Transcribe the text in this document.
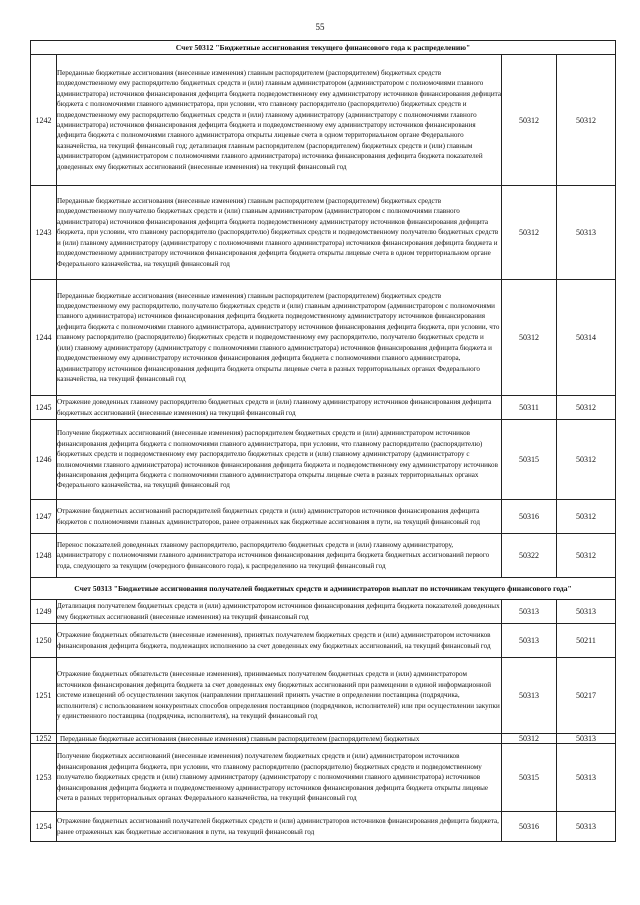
55
Счет 50312 "Бюджетные ассигнования текущего финансового года к распределению"			
1242	Переданные бюджетные ассигнования (внесенные изменения) главным распорядителем (распорядителем) бюджетных средств подведомственному ему распорядителю бюджетных средств и (или) главным администратором (администратором с полномочиями главного администратора) источников финансирования дефицита бюджета подведомственному ему администратору источников финансирования дефицита бюджета с полномочиями главного администратора, при условии, что главному распорядителю (распорядителю) бюджетных средств и подведомственному ему распорядителю бюджетных средств и (или) главному администратору (администратору с полномочиями главного администратора) источников финансирования дефицита бюджета и подведомственному ему администратору источников финансирования дефицита бюджета с полномочиями главного администратора открыты лицевые счета в одном территориальном органе Федерального казначейства, на текущий финансовый год; детализация главным распорядителем (распорядителем) бюджетных средств и (или) главным администратором (администратором с полномочиями главного администратора) источника финансирования дефицита бюджета показателей доведенных ему бюджетных ассигнований (внесенные изменения) на текущий финансовый год	50312	50312
1243	Переданные бюджетные ассигнования (внесенные изменения) главным распорядителем (распорядителем) бюджетных средств подведомственному получателю бюджетных средств и (или) главным администратором (администратором с полномочиями главного администратора) источников финансирования дефицита бюджета подведомственному администратору источников финансирования дефицита бюджета, при условии, что главному распорядителю (распорядителю) бюджетных средств и подведомственному получателю бюджетных средств и (или) главному администратору (администратору с полномочиями главного администратора) источников финансирования дефицита бюджета и подведомственному администратору источников финансирования дефицита бюджета открыты лицевые счета в одном территориальном органе Федерального казначейства, на текущий финансовый год	50312	50313
1244	Переданные бюджетные ассигнования (внесенные изменения) главным распорядителем (распорядителем) бюджетных средств подведомственному ему распорядителю, получателю бюджетных средств и (или) главным администратором (администратором с полномочиями главного администратора) источников финансирования дефицита бюджета подведомственному администратору источников финансирования дефицита бюджета с полномочиями главного администратора, администратору источников финансирования дефицита бюджета, при условии, что главному распорядителю (распорядителю) бюджетных средств и подведомственному ему распорядителю, получателю бюджетных средств и (или) главному администратору (администратору с полномочиями главного администратора) источников финансирования дефицита бюджета и подведомственному ему администратору источников финансирования дефицита бюджета с полномочиями главного администратора, администратору источников финансирования дефицита бюджета открыты лицевые счета в разных территориальных органах Федерального казначейства, на текущий финансовый год	50312	50314
1245	Отражение доведенных главному распорядителю бюджетных средств и (или) главному администратору источников финансирования дефицита бюджетных ассигнований (внесенные изменения) на текущий финансовый год	50311	50312
1246	Получение бюджетных ассигнований (внесенные изменения) распорядителем бюджетных средств и (или) администратором источников финансирования дефицита бюджета с полномочиями главного администратора, при условии, что главному распорядителю (распорядителю) бюджетных средств и подведомственному ему распорядителю бюджетных средств и (или) главному администратору (администратору с полномочиями главного администратора) источников финансирования дефицита бюджета и подведомственному ему администратору источников финансирования дефицита бюджета с полномочиями главного администратора открыты лицевые счета в разных территориальных органах Федерального казначейства, на текущий финансовый год	50315	50312
1247	Отражение бюджетных ассигнований распорядителей бюджетных средств и (или) администраторов источников финансирования дефицита бюджетов с полномочиями главных администраторов, ранее отраженных как бюджетные ассигнования в пути, на текущий финансовый год	50316	50312
1248	Перенос показателей доведенных главному распорядителю, распорядителю бюджетных средств и (или) главному администратору, администратору с полномочиями главного администратора источников финансирования дефицита бюджета бюджетных ассигнований первого года, следующего за текущим (очередного финансового года), к распределению на текущий финансовый год	50322	50312
Счет 50313 "Бюджетные ассигнования получателей бюджетных средств и администраторов выплат по источникам текущего финансового года"			
1249	Детализация получателем бюджетных средств и (или) администратором источников финансирования дефицита бюджета показателей доведенных ему бюджетных ассигнований (внесенные изменения) на текущий финансовый год	50313	50313
1250	Отражение бюджетных обязательств (внесенные изменения), принятых получателем бюджетных средств и (или) администратором источников финансирования дефицита бюджета, подлежащих исполнению за счет доведенных ему бюджетных ассигнований, на текущий финансовый год	50313	50211
1251	Отражение бюджетных обязательств (внесенные изменения), принимаемых получателем бюджетных средств и (или) администратором источников финансирования дефицита бюджета за счет доведенных ему бюджетных ассигнований при размещении в единой информационной системе извещений об осуществлении закупок (направлении приглашений принять участие в определении поставщика (подрядчика, исполнителя) с использованием конкурентных способов определения поставщиков (подрядчиков, исполнителей) или при осуществлении закупки у единственного поставщика (подрядчика, исполнителя), на текущий финансовый год	50313	50217
1252	Переданные бюджетные ассигнования (внесенные изменения) главным распорядителем (распорядителем) бюджетных	50312	50313
1253	Получение бюджетных ассигнований (внесенные изменения) получателем бюджетных средств и (или) администратором источников финансирования дефицита бюджета, при условии, что главному распорядителю (распорядителю) бюджетных средств и подведомственному получателю бюджетных средств и (или) главному администратору (администратору с полномочиями главного администратора) источников финансирования дефицита бюджета и подведомственному администратору источников финансирования дефицита бюджета открыты лицевые счета в разных территориальных органах Федерального казначейства, на текущий финансовый год	50315	50313
1254	Отражение бюджетных ассигнований получателей бюджетных средств и (или) администраторов источников финансирования дефицита бюджета, ранее отраженных как бюджетные ассигнования в пути, на текущий финансовый год	50316	50313
